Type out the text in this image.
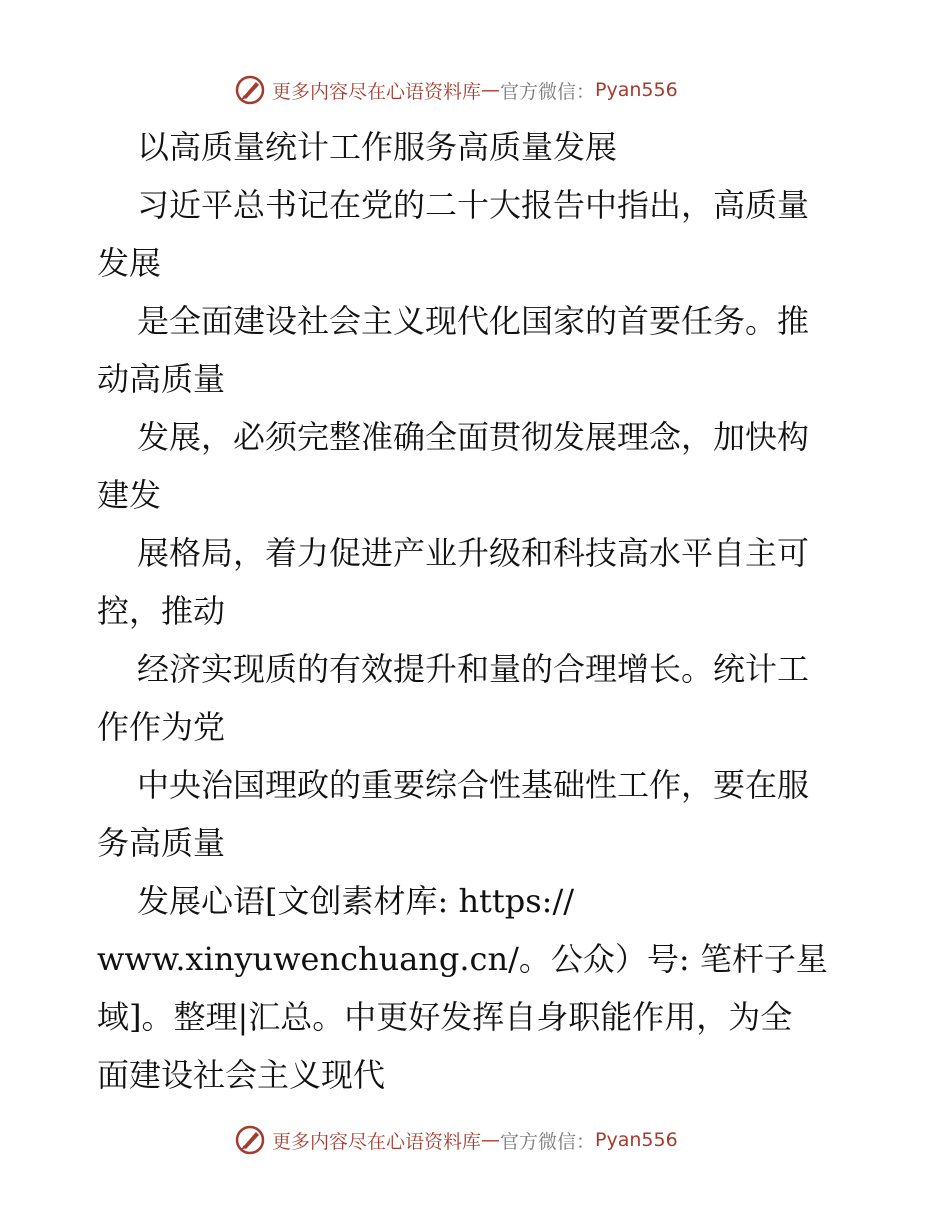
更多内容尽在心语资料库 — 官方微信： Pyan556
以高质量统计工作服务高质量发展
习近平总书记在党的二十大报告中指出，高质量
发展
是全面建设社会主义现代化国家的首要任务。推
动高质量
发展，必须完整准确全面贯彻发展理念，加快构
建发
展格局，着力促进产业升级和科技高水平自主可
控，推动
经济实现质的有效提升和量的合理增长。统计工
作作为党
中央治国理政的重要综合性基础性工作，要在服
务高质量
发展心语[文创素材库: https://
www.xinyuwenchuang.cn/。公众）号: 笔杆子星
域]。整理|汇总。中更好发挥自身职能作用，为全
面建设社会主义现代
更多内容尽在心语资料库 — 官方微信： Pyan556
